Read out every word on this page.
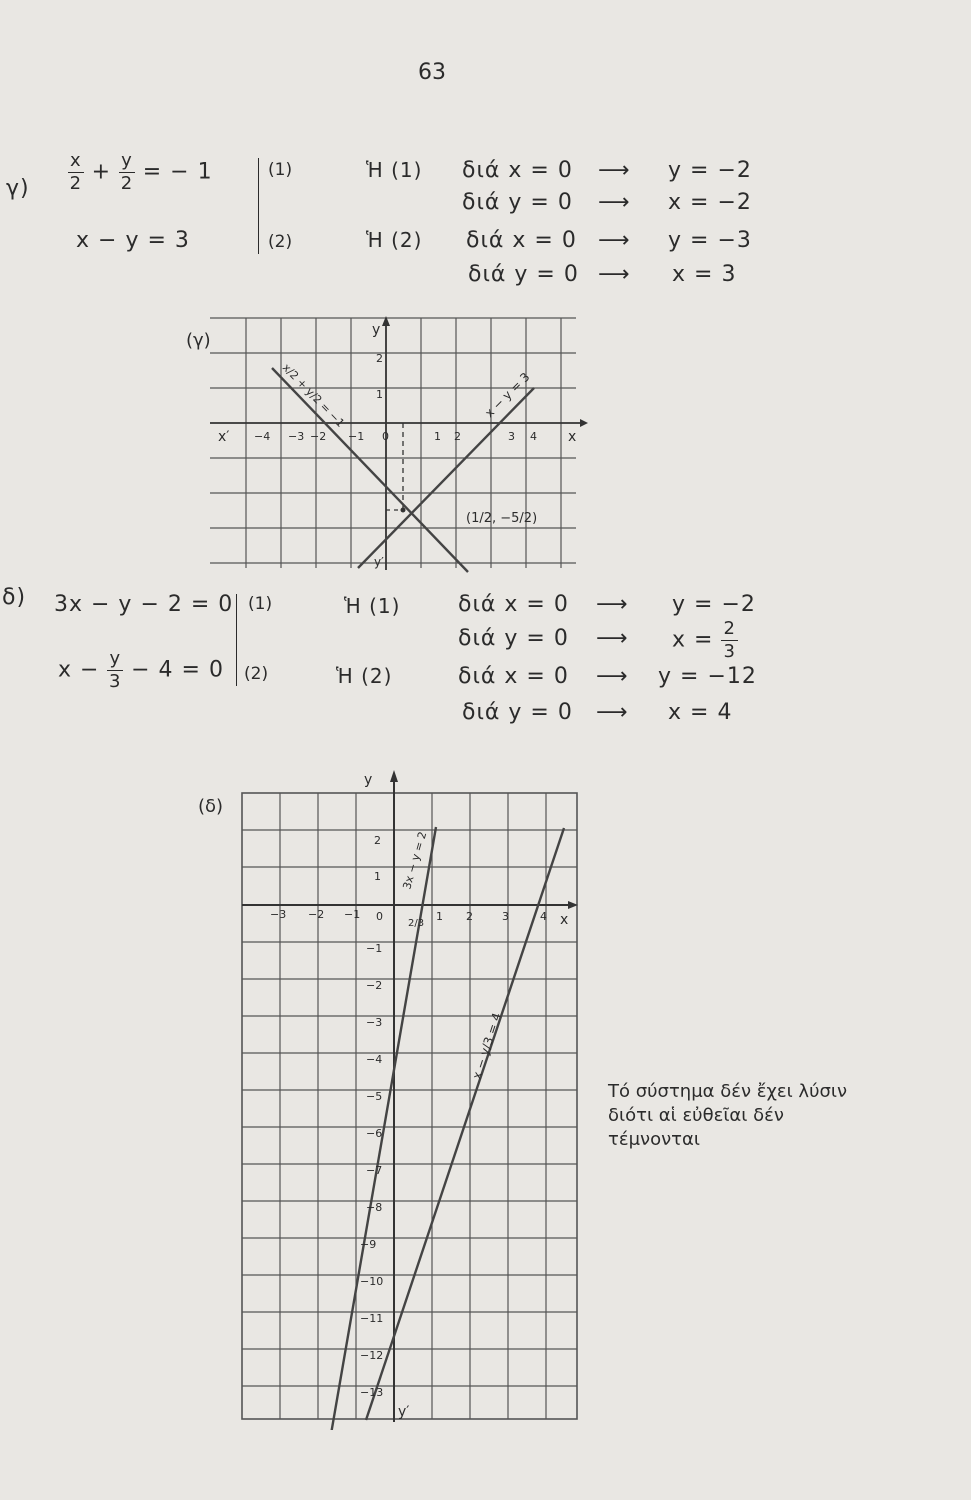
63
$\gamma) \frac{x}{2} + \frac{y}{2}$ = − 1
x − y = 3
(1)
(2)
Ἡ (1) διά x = 0 ⟶ y = −2
διά y = 0 ⟶ x = −2
Ἡ (2) διά x = 0 ⟶ y = −3
διά y = 0 ⟶ x = 3
(γ)
x
x′
y
y′
−4 −3 −2 −1 0	1 2	3 4
2
1
x/2 + y/2 = −1	x − y = 3
(1/2, −5/2)
δ) 3x − y − 2 = 0
$x - \frac{y}{3} - 4 = 0$
(1)
(2)
Ἡ (1)	διά x = 0 ⟶ y = −2
διά y = 0 ⟶ $x = \frac{2}{3}$
Ἡ (2)	διά x = 0 ⟶ y = −12
διά y = 0 ⟶ x = 4
(δ)
x
y
y′
−3 −2 −1 0	1 2	3	4
2/3
2
1
−1
−2
−3
−4
−5
−6
−7
−8
−9
−10
−11
−12
−13
3x − y = 2
x − y/3 = 4
Τό σύστημα δέν ἔχει λύσιν διότι αἱ εὐθεῖαι δέν τέμνονται
